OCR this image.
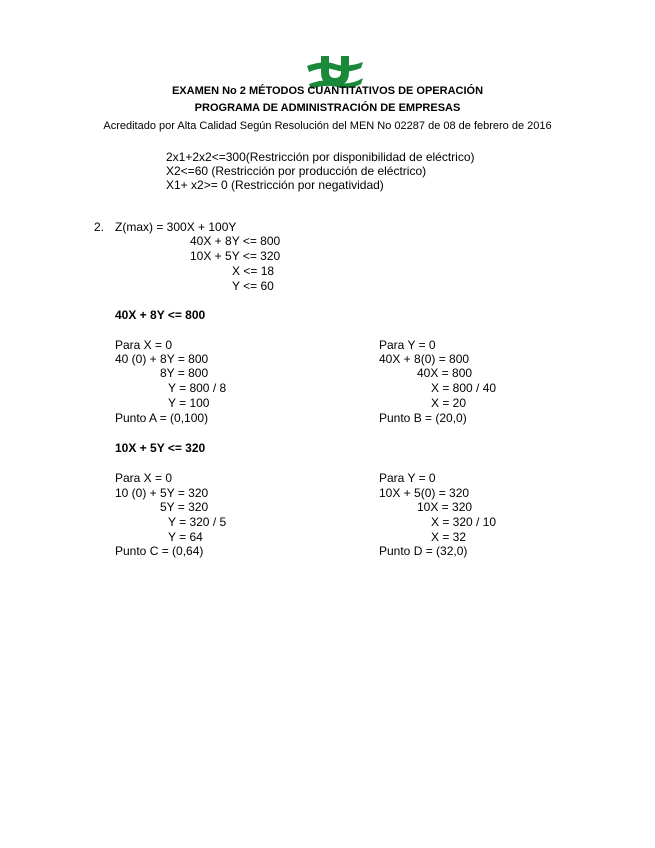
EXAMEN No 2 MÉTODOS CUANTITATIVOS DE OPERACIÓN
PROGRAMA DE ADMINISTRACIÓN DE EMPRESAS
Acreditado por Alta Calidad Según Resolución del MEN No 02287 de 08 de febrero de 2016
2x1+2x2<=300(Restricción por disponibilidad de eléctrico)
X2<=60 (Restricción por producción de eléctrico)
X1+ x2>= 0 (Restricción por negatividad)
2. Z(max) = 300X + 100Y
40X + 8Y <= 800
10X + 5Y <= 320
X <= 18
Y <= 60
40X + 8Y <= 800
Para X = 0
40 (0) + 8Y = 800
8Y = 800
Y = 800 / 8
Y = 100
Punto A = (0,100)
Para Y = 0
40X + 8(0) = 800
40X = 800
X = 800 / 40
X = 20
Punto B = (20,0)
10X + 5Y <= 320
Para X = 0
10 (0) + 5Y = 320
5Y = 320
Y = 320 / 5
Y = 64
Punto C = (0,64)
Para Y = 0
10X + 5(0) = 320
10X = 320
X = 320 / 10
X = 32
Punto D = (32,0)
